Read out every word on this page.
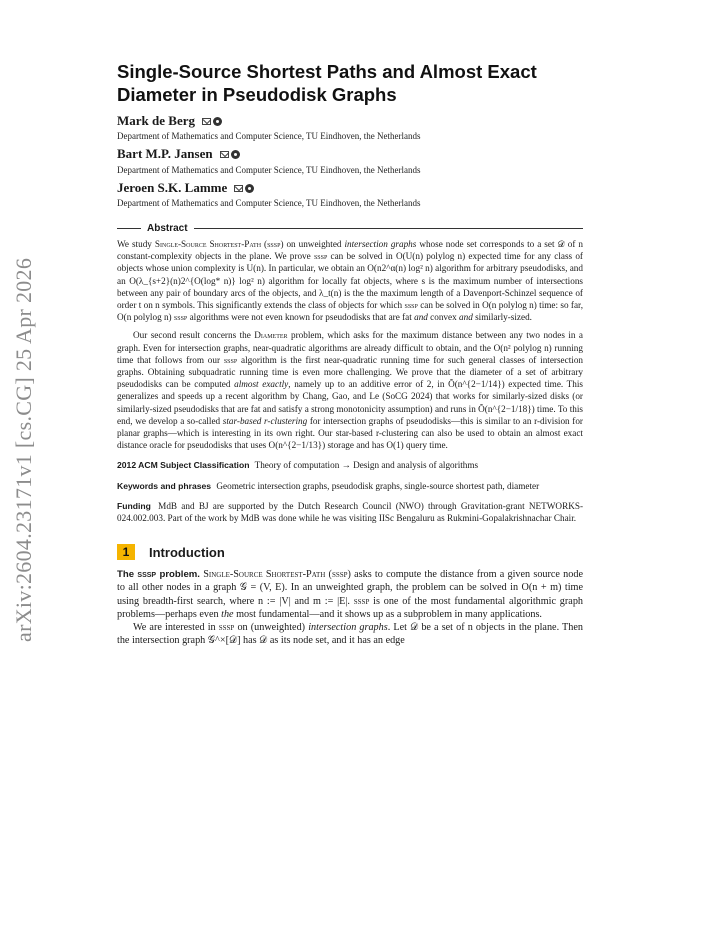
arXiv:2604.23171v1 [cs.CG] 25 Apr 2026
Single-Source Shortest Paths and Almost Exact Diameter in Pseudodisk Graphs
Mark de Berg
Department of Mathematics and Computer Science, TU Eindhoven, the Netherlands
Bart M.P. Jansen
Department of Mathematics and Computer Science, TU Eindhoven, the Netherlands
Jeroen S.K. Lamme
Department of Mathematics and Computer Science, TU Eindhoven, the Netherlands
Abstract

We study Single-Source Shortest-Path (sssp) on unweighted intersection graphs whose node set corresponds to a set 𝒟 of n constant-complexity objects in the plane. We prove sssp can be solved in O(U(n) polylog n) expected time for any class of objects whose union complexity is U(n). In particular, we obtain an O(n2^α(n) log² n) algorithm for arbitrary pseudodisks, and an O(λ_{s+2}(n)2^{O(log* n)} log² n) algorithm for locally fat objects, where s is the maximum number of intersections between any pair of boundary arcs of the objects, and λ_t(n) is the the maximum length of a Davenport-Schinzel sequence of order t on n symbols. This significantly extends the class of objects for which sssp can be solved in O(n polylog n) time: so far, O(n polylog n) sssp algorithms were not even known for pseudodisks that are fat and convex and similarly-sized.

Our second result concerns the Diameter problem, which asks for the maximum distance between any two nodes in a graph. Even for intersection graphs, near-quadratic algorithms are already difficult to obtain, and the O(n² polylog n) running time that follows from our sssp algorithm is the first near-quadratic running time for such general classes of intersection graphs. Obtaining subquadratic running time is even more challenging. We prove that the diameter of a set of arbitrary pseudodisks can be computed almost exactly, namely up to an additive error of 2, in Õ(n^{2−1/14}) expected time. This generalizes and speeds up a recent algorithm by Chang, Gao, and Le (SoCG 2024) that works for similarly-sized disks (or similarly-sized pseudodisks that are fat and satisfy a strong monotonicity assumption) and runs in Õ(n^{2−1/18}) time. To this end, we develop a so-called star-based r-clustering for intersection graphs of pseudodisks—this is similar to an r-division for planar graphs—which is interesting in its own right. Our star-based r-clustering can also be used to obtain an almost exact distance oracle for pseudodisks that uses O(n^{2−1/13}) storage and has O(1) query time.

2012 ACM Subject Classification Theory of computation → Design and analysis of algorithms
Keywords and phrases Geometric intersection graphs, pseudodisk graphs, single-source shortest path, diameter
Funding MdB and BJ are supported by the Dutch Research Council (NWO) through Gravitation-grant NETWORKS-024.002.003. Part of the work by MdB was done while he was visiting IISc Bengaluru as Rukmini-Gopalakrishnachar Chair.
1	Introduction

The sssp problem. Single-Source Shortest-Path (sssp) asks to compute the distance from a given source node to all other nodes in a graph 𝒢 = (V, E). In an unweighted graph, the problem can be solved in O(n + m) time using breadth-first search, where n := |V| and m := |E|. sssp is one of the most fundamental algorithmic graph problems—perhaps even the most fundamental—and it shows up as a subproblem in many applications.

We are interested in sssp on (unweighted) intersection graphs. Let 𝒟 be a set of n objects in the plane. Then the intersection graph 𝒢^×[𝒟] has 𝒟 as its node set, and it has an edge
